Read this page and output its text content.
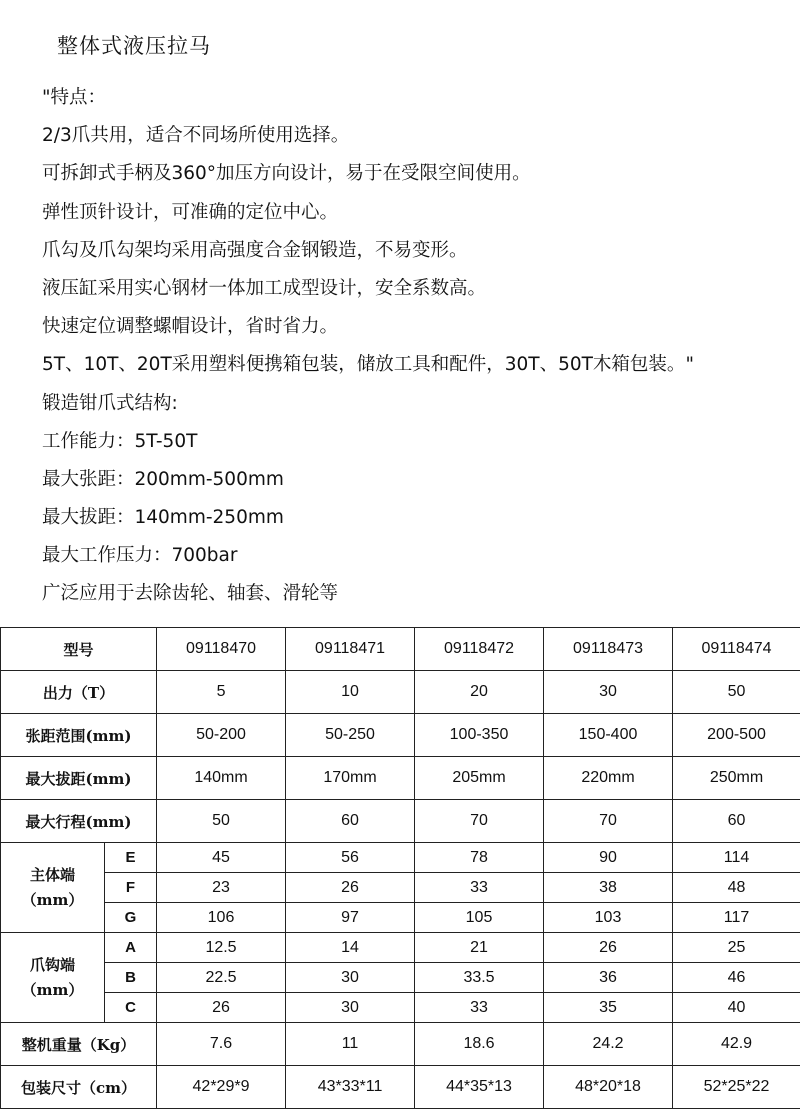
整体式液压拉马
"特点：
2/3爪共用，适合不同场所使用选择。
可拆卸式手柄及360°加压方向设计，易于在受限空间使用。
弹性顶针设计，可准确的定位中心。
爪勾及爪勾架均采用高强度合金钢锻造，不易变形。
液压缸采用实心钢材一体加工成型设计，安全系数高。
快速定位调整螺帽设计，省时省力。
5T、10T、20T采用塑料便携箱包装，储放工具和配件，30T、50T木箱包装。"
锻造钳爪式结构:
工作能力：5T-50T
最大张距：200mm-500mm
最大拔距：140mm-250mm
最大工作压力：700bar
广泛应用于去除齿轮、轴套、滑轮等
型号		09118470	09118471	09118472	09118473	09118474
出力（T）		5	10	20	30	50
张距范围(mm)		50-200	50-250	100-350	150-400	200-500
最大拔距(mm)		140mm	170mm	205mm	220mm	250mm
最大行程(mm)		50	60	70	70	60

主体端
（mm）	E	45	56	78	90	114
	F	23	26	33	38	48
	G	106	97	105	103	117

爪钩端
（mm）	A	12.5	14	21	26	25
	B	22.5	30	33.5	36	46
	C	26	30	33	35	40
整机重量（Kg）		7.6	11	18.6	24.2	42.9
包装尺寸（cm）		42*29*9	43*33*11	44*35*13	48*20*18	52*25*22
